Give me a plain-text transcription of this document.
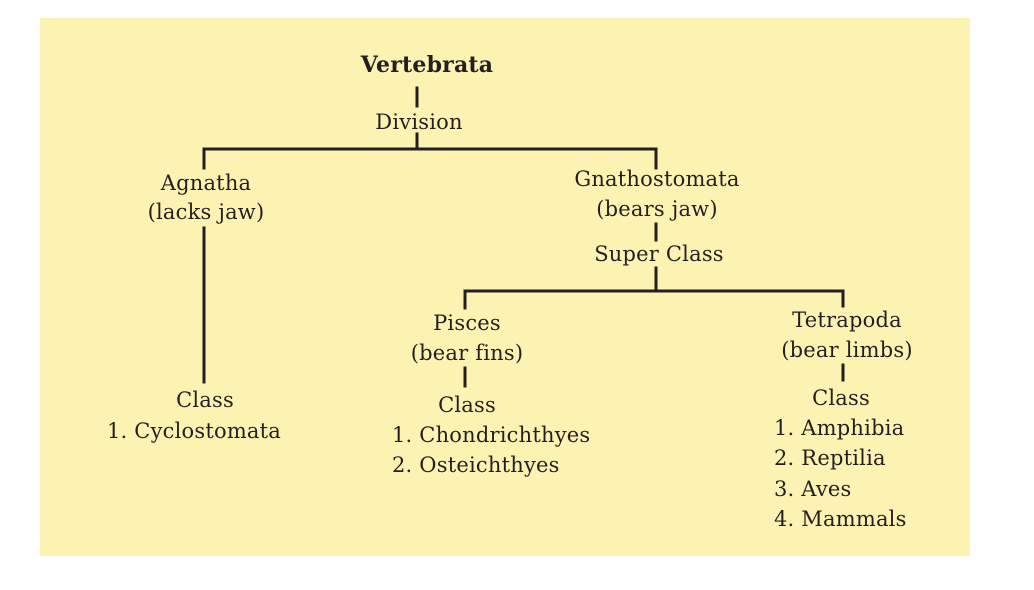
Vertebrata
Division
Agnatha
(lacks jaw)
Class
1. Cyclostomata
Gnathostomata
(bears jaw)
Super Class
Pisces
(bear fins)
Class
1. Chondrichthyes
2. Osteichthyes
Tetrapoda
(bear limbs)
Class
1. Amphibia
2. Reptilia
3. Aves
4. Mammals
